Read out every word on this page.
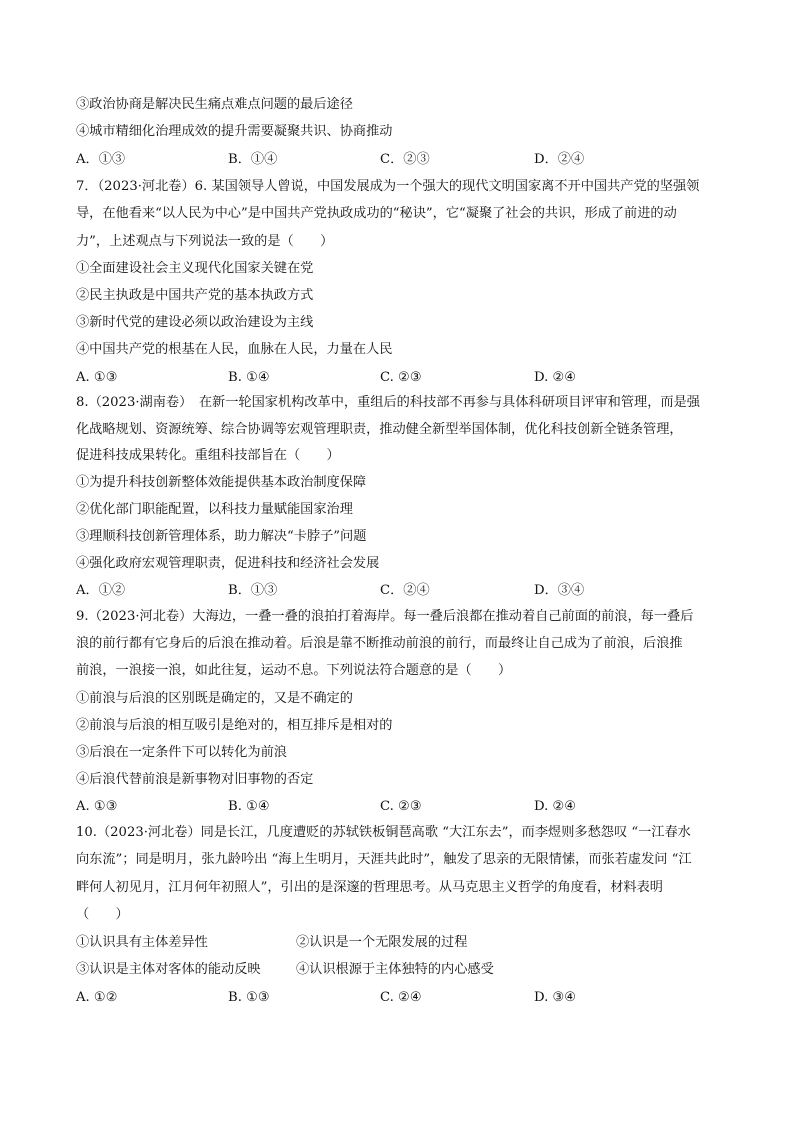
③政治协商是解决民生痛点难点问题的最后途径
④城市精细化治理成效的提升需要凝聚共识、协商推动
A．①③	B．①④	C．②③	D．②④
7．（2023·河北卷）6. 某国领导人曾说，中国发展成为一个强大的现代文明国家离不开中国共产党的坚强领
导，在他看来“以人民为中心”是中国共产党执政成功的“秘诀”，它“凝聚了社会的共识，形成了前进的动
力”，上述观点与下列说法一致的是（　　）
①全面建设社会主义现代化国家关键在党
②民主执政是中国共产党的基本执政方式
③新时代党的建设必须以政治建设为主线
④中国共产党的根基在人民，血脉在人民，力量在人民
A. ①③	B. ①④	C. ②③	D. ②④
8.（2023·湖南卷）　在新一轮国家机构改革中，重组后的科技部不再参与具体科研项目评审和管理，而是强
化战略规划、资源统筹、综合协调等宏观管理职责，推动健全新型举国体制，优化科技创新全链条管理，
促进科技成果转化。重组科技部旨在（　　）
①为提升科技创新整体效能提供基本政治制度保障
②优化部门职能配置，以科技力量赋能国家治理
③理顺科技创新管理体系，助力解决“卡脖子”问题
④强化政府宏观管理职责，促进科技和经济社会发展
A．①②	B．①③	C．②④	D．③④
9.（2023·河北卷）大海边，一叠一叠的浪拍打着海岸。每一叠后浪都在推动着自己前面的前浪，每一叠后
浪的前行都有它身后的后浪在推动着。后浪是靠不断推动前浪的前行，而最终让自己成为了前浪，后浪推
前浪，一浪接一浪，如此往复，运动不息。下列说法符合题意的是（　　）
①前浪与后浪的区别既是确定的，又是不确定的
②前浪与后浪的相互吸引是绝对的，相互排斥是相对的
③后浪在一定条件下可以转化为前浪
④后浪代替前浪是新事物对旧事物的否定
A. ①③	B. ①④	C. ②③	D. ②④
10.（2023·河北卷）同是长江，几度遭贬的苏轼铁板铜琶高歌 “大江东去”，而李煜则多愁怨叹 “一江春水
向东流”；同是明月，张九龄吟出 “海上生明月，天涯共此时”，触发了思亲的无限情愫，而张若虚发问 “江
畔何人初见月，江月何年初照人”，引出的是深邃的哲理思考。从马克思主义哲学的角度看，材料表明
（　　）
①认识具有主体差异性	②认识是一个无限发展的过程
③认识是主体对客体的能动反映	④认识根源于主体独特的内心感受
A. ①②	B. ①③	C. ②④	D. ③④
